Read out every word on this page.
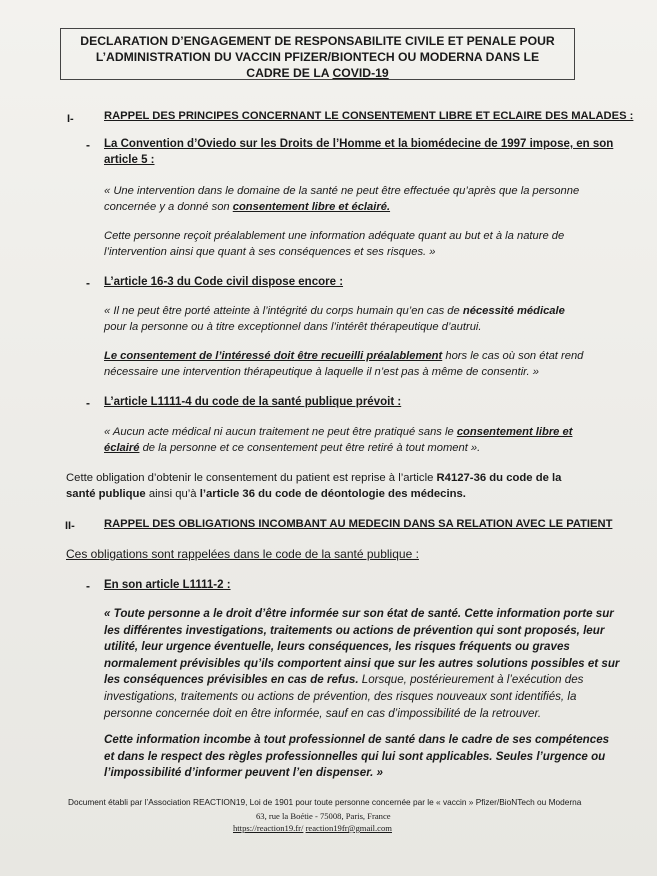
DECLARATION D’ENGAGEMENT DE RESPONSABILITE CIVILE ET PENALE POUR
L’ADMINISTRATION DU VACCIN PFIZER/BIONTECH OU MODERNA DANS LE
CADRE DE LA COVID-19
I-	RAPPEL DES PRINCIPES CONCERNANT LE CONSENTEMENT LIBRE ET ECLAIRE DES MALADES :
- La Convention d’Oviedo sur les Droits de l’Homme et la biomédecine de 1997 impose, en son
article 5 :
« Une intervention dans le domaine de la santé ne peut être effectuée qu’après que la personne
concernée y a donné son consentement libre et éclairé.
Cette personne reçoit préalablement une information adéquate quant au but et à la nature de
l’intervention ainsi que quant à ses conséquences et ses risques. »
- L’article 16-3 du Code civil dispose encore :
« Il ne peut être porté atteinte à l’intégrité du corps humain qu’en cas de nécessité médicale
pour la personne ou à titre exceptionnel dans l’intérêt thérapeutique d’autrui.
Le consentement de l’intéressé doit être recueilli préalablement hors le cas où son état rend
nécessaire une intervention thérapeutique à laquelle il n’est pas à même de consentir. »
- L’article L1111-4 du code de la santé publique prévoit :
« Aucun acte médical ni aucun traitement ne peut être pratiqué sans le consentement libre et
éclairé de la personne et ce consentement peut être retiré à tout moment ».
Cette obligation d’obtenir le consentement du patient est reprise à l’article R4127-36 du code de la
santé publique ainsi qu’à l’article 36 du code de déontologie des médecins.
II-	RAPPEL DES OBLIGATIONS INCOMBANT AU MEDECIN DANS SA RELATION AVEC LE PATIENT
Ces obligations sont rappelées dans le code de la santé publique :
- En son article L1111-2 :
« Toute personne a le droit d’être informée sur son état de santé. Cette information porte sur
les différentes investigations, traitements ou actions de prévention qui sont proposés, leur
utilité, leur urgence éventuelle, leurs conséquences, les risques fréquents ou graves
normalement prévisibles qu’ils comportent ainsi que sur les autres solutions possibles et sur
les conséquences prévisibles en cas de refus. Lorsque, postérieurement à l’exécution des
investigations, traitements ou actions de prévention, des risques nouveaux sont identifiés, la
personne concernée doit en être informée, sauf en cas d’impossibilité de la retrouver.
Cette information incombe à tout professionnel de santé dans le cadre de ses compétences
et dans le respect des règles professionnelles qui lui sont applicables. Seules l’urgence ou
l’impossibilité d’informer peuvent l’en dispenser. »
Document établi par l’Association REACTION19, Loi de 1901 pour toute personne concernée par le « vaccin » Pfizer/BioNTech ou Moderna
63, rue la Boétie - 75008, Paris, France
https://reaction19.fr/ reaction19fr@gmail.com
